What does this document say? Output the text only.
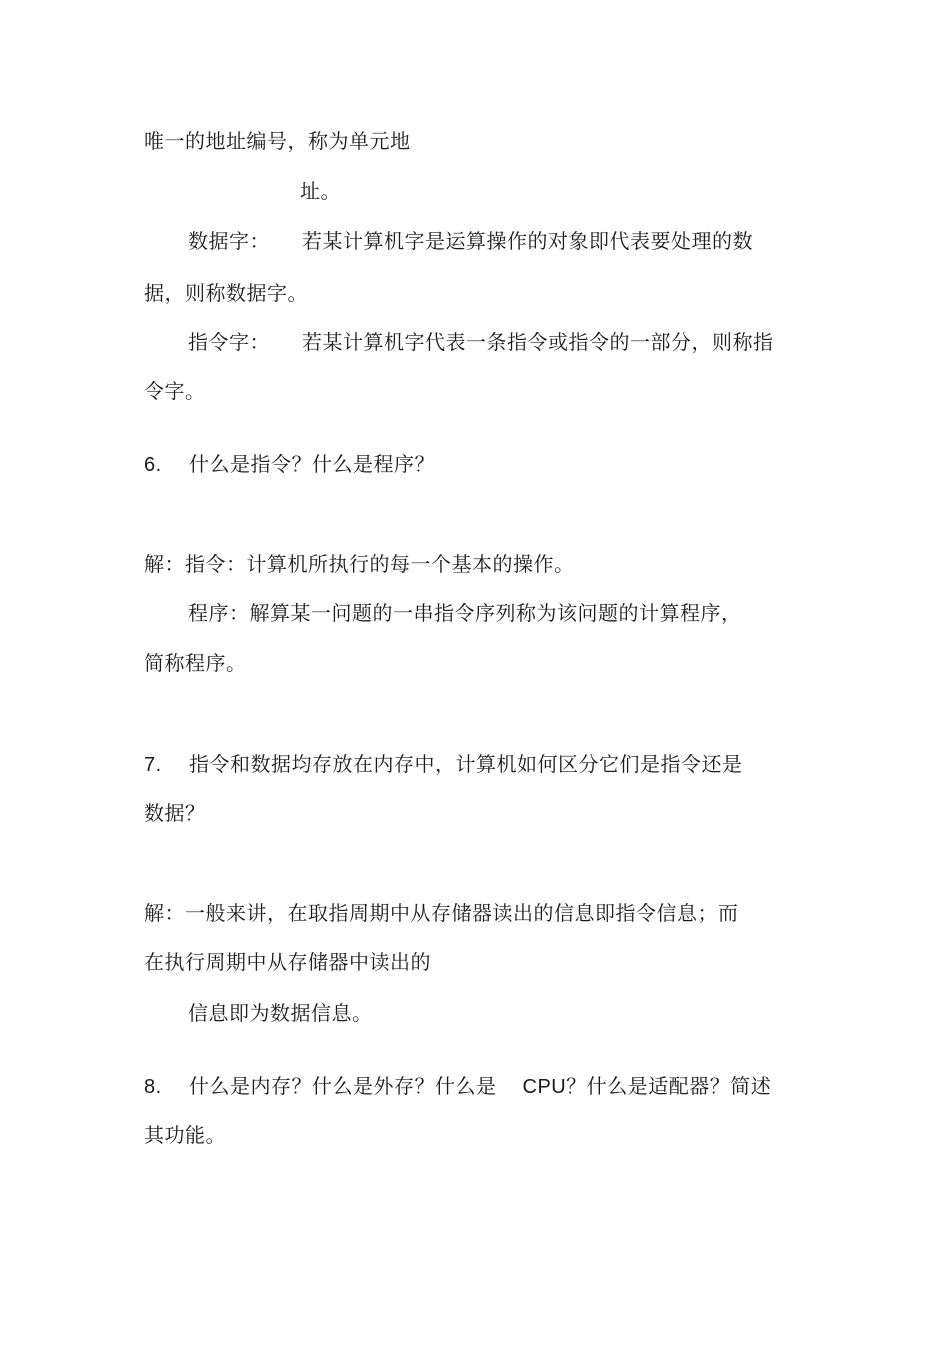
唯一的地址编号，称为单元地
址。
数据字： 若某计算机字是运算操作的对象即代表要处理的数
据，则称数据字。
指令字： 若某计算机字代表一条指令或指令的一部分，则称指
令字。
6. 什么是指令？什么是程序？
解：指令：计算机所执行的每一个基本的操作。
程序：解算某一问题的一串指令序列称为该问题的计算程序，
简称程序。
7. 指令和数据均存放在内存中，计算机如何区分它们是指令还是
数据？
解：一般来讲，在取指周期中从存储器读出的信息即指令信息；而
在执行周期中从存储器中读出的
信息即为数据信息。
8. 什么是内存？什么是外存？什么是 CPU？什么是适配器？简述
其功能。
